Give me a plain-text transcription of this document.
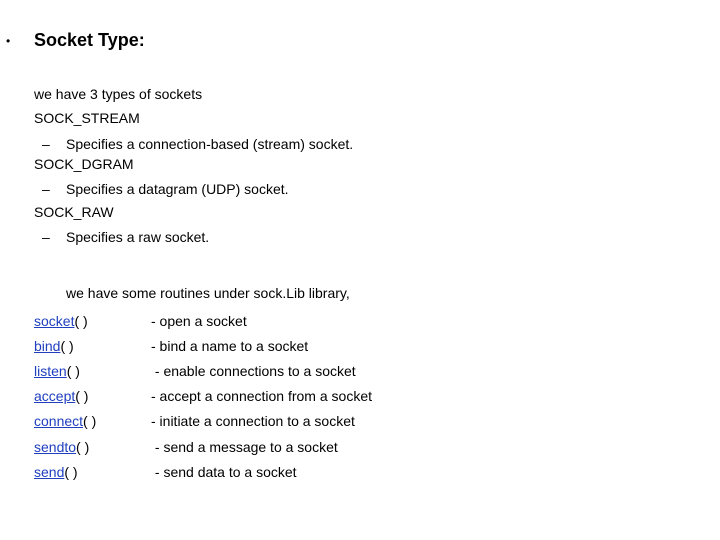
• Socket Type:
we have 3 types of sockets
SOCK_STREAM
– Specifies a connection-based (stream) socket.
SOCK_DGRAM
– Specifies a datagram (UDP) socket.
SOCK_RAW
– Specifies a raw socket.
we have some routines under sock.Lib library,
socket( )	- open a socket
bind( )	- bind a name to a socket
listen( )	- enable connections to a socket
accept( )	- accept a connection from a socket
connect( )	- initiate a connection to a socket
sendto( )	- send a message to a socket
send( )	- send data to a socket
